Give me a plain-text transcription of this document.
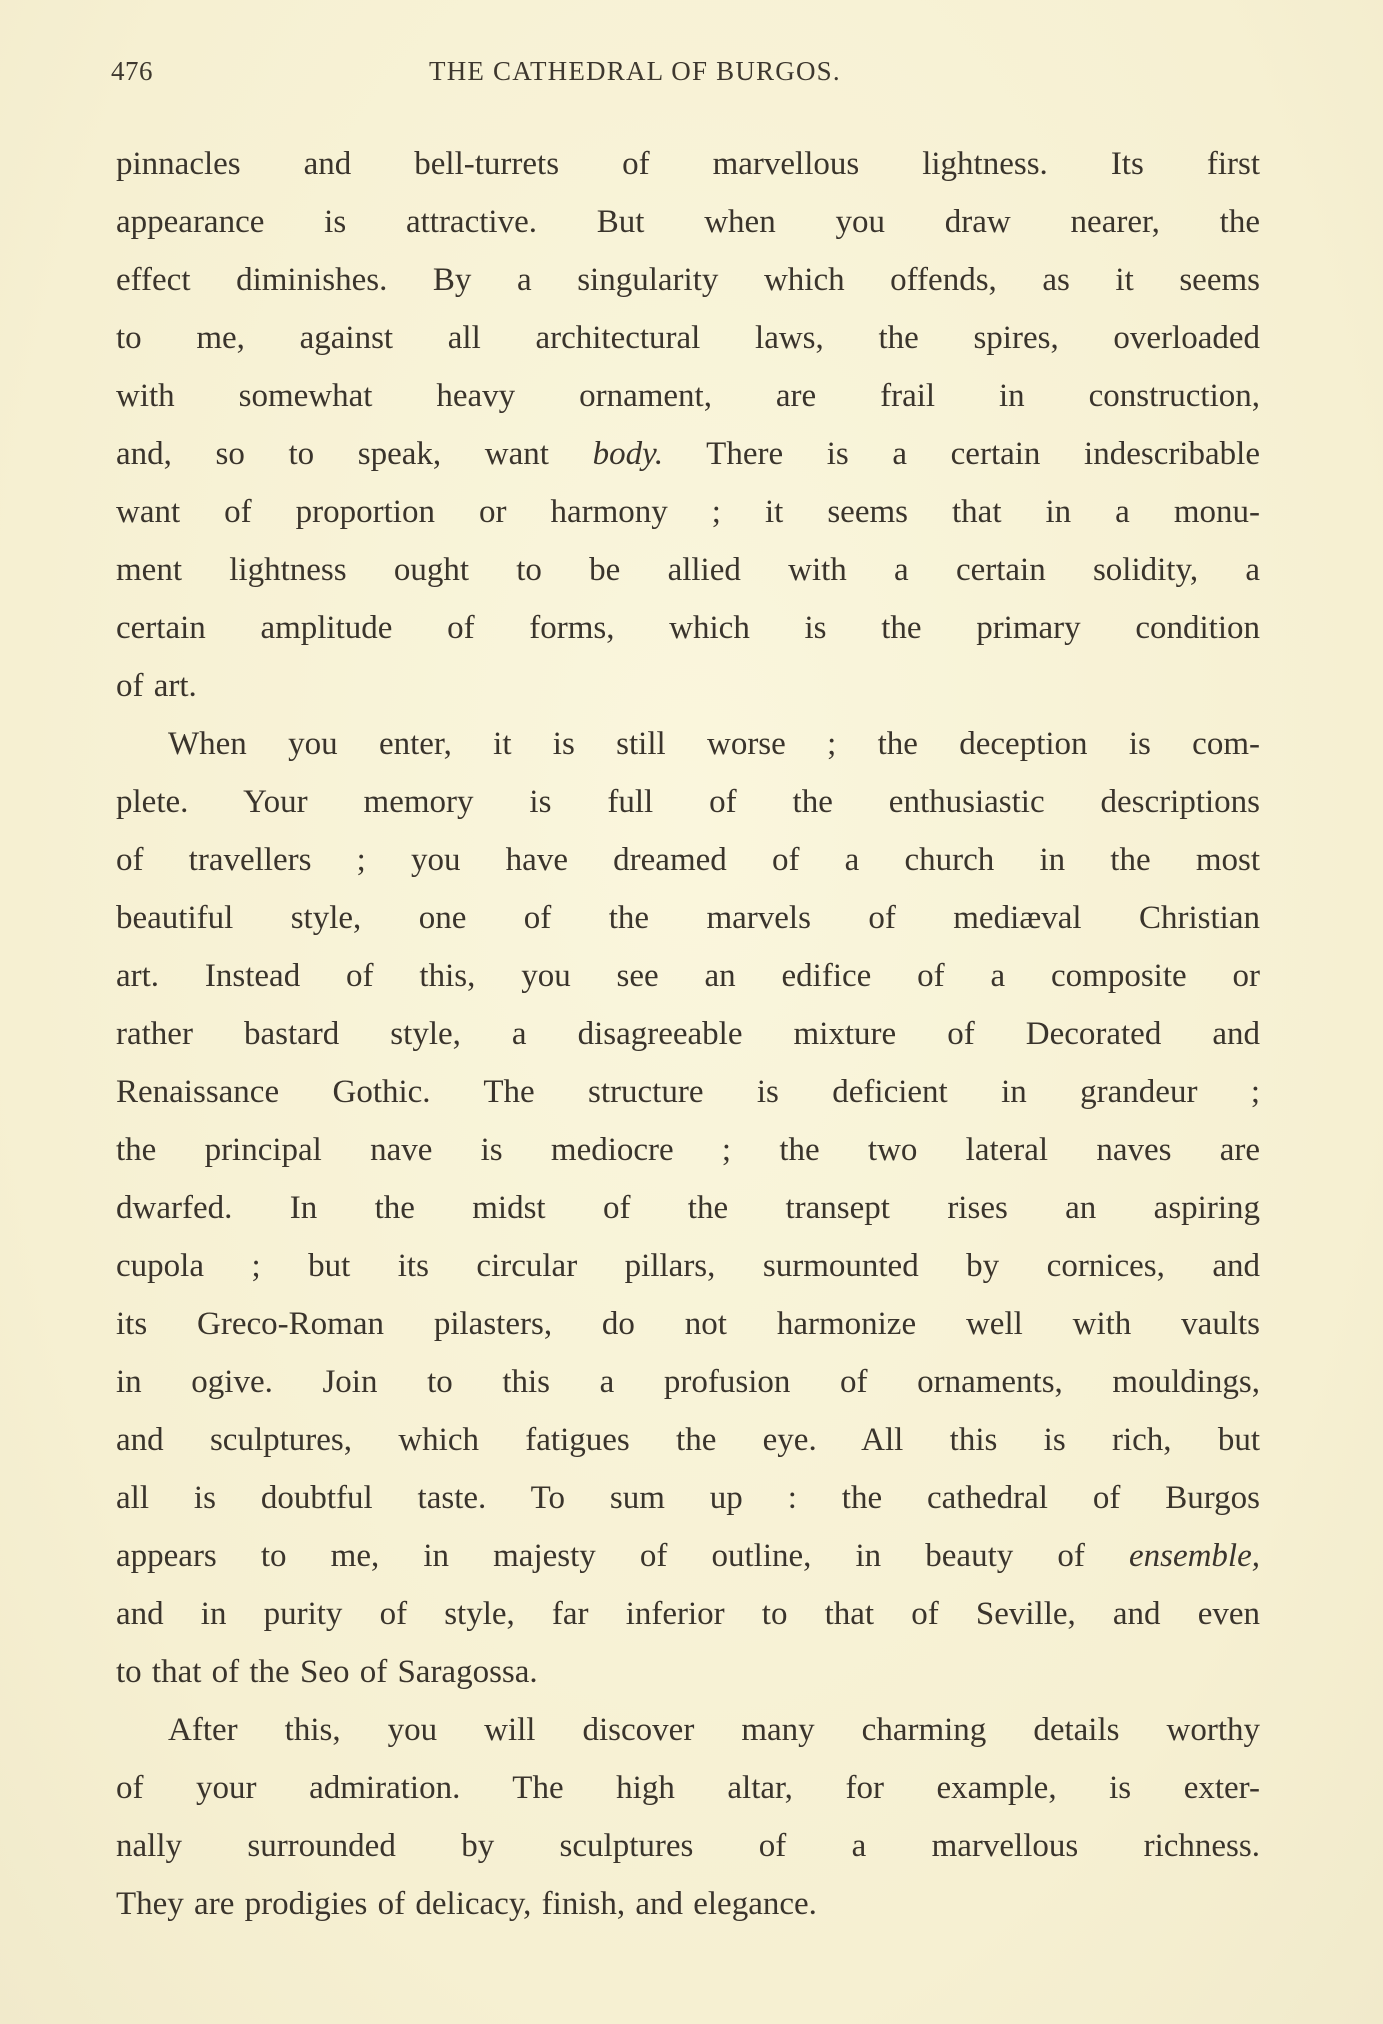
476	THE CATHEDRAL OF BURGOS.
pinnacles and bell-turrets of marvellous lightness. Its first
appearance is attractive. But when you draw nearer, the
effect diminishes. By a singularity which offends, as it seems
to me, against all architectural laws, the spires, overloaded
with somewhat heavy ornament, are frail in construction,
and, so to speak, want body. There is a certain indescribable
want of proportion or harmony ; it seems that in a monu-
ment lightness ought to be allied with a certain solidity, a
certain amplitude of forms, which is the primary condition
of art.
When you enter, it is still worse ; the deception is com-
plete. Your memory is full of the enthusiastic descriptions
of travellers ; you have dreamed of a church in the most
beautiful style, one of the marvels of mediæval Christian
art. Instead of this, you see an edifice of a composite or
rather bastard style, a disagreeable mixture of Decorated and
Renaissance Gothic. The structure is deficient in grandeur ;
the principal nave is mediocre ; the two lateral naves are
dwarfed. In the midst of the transept rises an aspiring
cupola ; but its circular pillars, surmounted by cornices, and
its Greco-Roman pilasters, do not harmonize well with vaults
in ogive. Join to this a profusion of ornaments, mouldings,
and sculptures, which fatigues the eye. All this is rich, but
all is doubtful taste. To sum up : the cathedral of Burgos
appears to me, in majesty of outline, in beauty of ensemble,
and in purity of style, far inferior to that of Seville, and even
to that of the Seo of Saragossa.
After this, you will discover many charming details worthy
of your admiration. The high altar, for example, is exter-
nally surrounded by sculptures of a marvellous richness.
They are prodigies of delicacy, finish, and elegance.
